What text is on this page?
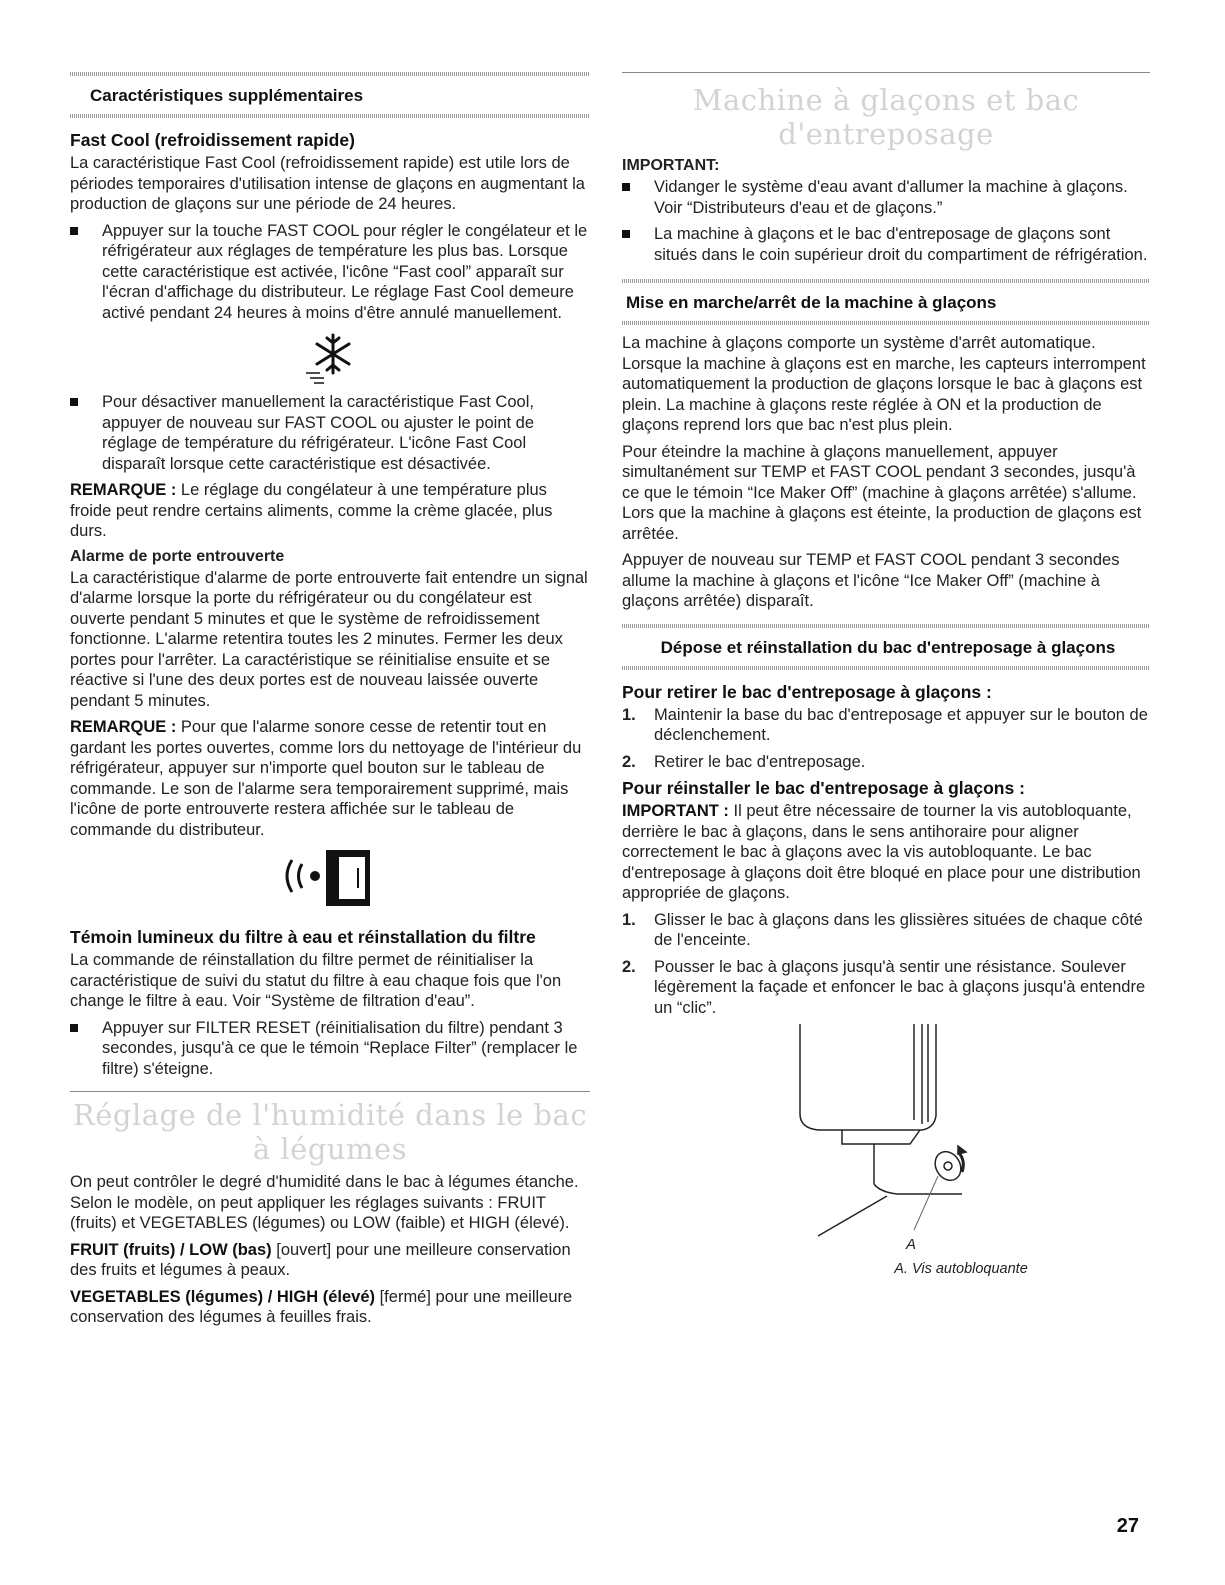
Caractéristiques supplémentaires
Fast Cool (refroidissement rapide)

La caractéristique Fast Cool (refroidissement rapide) est utile lors de périodes temporaires d'utilisation intense de glaçons en augmentant la production de glaçons sur une période de 24 heures.

Appuyer sur la touche FAST COOL pour régler le congélateur et le réfrigérateur aux réglages de température les plus bas. Lorsque cette caractéristique est activée, l'icône “Fast cool” apparaît sur l'écran d'affichage du distributeur. Le réglage Fast Cool demeure activé pendant 24 heures à moins d'être annulé manuellement.

Pour désactiver manuellement la caractéristique Fast Cool, appuyer de nouveau sur FAST COOL ou ajuster le point de réglage de température du réfrigérateur. L'icône Fast Cool disparaît lorsque cette caractéristique est désactivée.

REMARQUE : Le réglage du congélateur à une température plus froide peut rendre certains aliments, comme la crème glacée, plus durs.

Alarme de porte entrouverte

La caractéristique d'alarme de porte entrouverte fait entendre un signal d'alarme lorsque la porte du réfrigérateur ou du congélateur est ouverte pendant 5 minutes et que le système de refroidissement fonctionne. L'alarme retentira toutes les 2 minutes. Fermer les deux portes pour l'arrêter. La caractéristique se réinitialise ensuite et se réactive si l'une des deux portes est de nouveau laissée ouverte pendant 5 minutes.

REMARQUE : Pour que l'alarme sonore cesse de retentir tout en gardant les portes ouvertes, comme lors du nettoyage de l'intérieur du réfrigérateur, appuyer sur n'importe quel bouton sur le tableau de commande. Le son de l'alarme sera temporairement supprimé, mais l'icône de porte entrouverte restera affichée sur le tableau de commande du distributeur.

Témoin lumineux du filtre à eau et réinstallation du filtre

La commande de réinstallation du filtre permet de réinitialiser la caractéristique de suivi du statut du filtre à eau chaque fois que l'on change le filtre à eau. Voir “Système de filtration d'eau”.

Appuyer sur FILTER RESET (réinitialisation du filtre) pendant 3 secondes, jusqu'à ce que le témoin “Replace Filter” (remplacer le filtre) s'éteigne.

Réglage de l'humidité dans le bac à légumes

On peut contrôler le degré d'humidité dans le bac à légumes étanche. Selon le modèle, on peut appliquer les réglages suivants : FRUIT (fruits) et VEGETABLES (légumes) ou LOW (faible) et HIGH (élevé).

FRUIT (fruits) / LOW (bas) [ouvert] pour une meilleure conservation des fruits et légumes à peaux.

VEGETABLES (légumes) / HIGH (élevé) [fermé] pour une meilleure conservation des légumes à feuilles frais.

Machine à glaçons et bac d'entreposage
IMPORTANT:

Vidanger le système d'eau avant d'allumer la machine à glaçons. Voir “Distributeurs d'eau et de glaçons.”

La machine à glaçons et le bac d'entreposage de glaçons sont situés dans le coin supérieur droit du compartiment de réfrigération.

Mise en marche/arrêt de la machine à glaçons

La machine à glaçons comporte un système d'arrêt automatique. Lorsque la machine à glaçons est en marche, les capteurs interrompent automatiquement la production de glaçons lorsque le bac à glaçons est plein. La machine à glaçons reste réglée à ON et la production de glaçons reprend lors que bac n'est plus plein.

Pour éteindre la machine à glaçons manuellement, appuyer simultanément sur TEMP et FAST COOL pendant 3 secondes, jusqu'à ce que le témoin “Ice Maker Off” (machine à glaçons arrêtée) s'allume. Lors que la machine à glaçons est éteinte, la production de glaçons est arrêtée.

Appuyer de nouveau sur TEMP et FAST COOL pendant 3 secondes allume la machine à glaçons et l'icône “Ice Maker Off” (machine à glaçons arrêtée) disparaît.

Dépose et réinstallation du bac d'entreposage à glaçons
Pour retirer le bac d'entreposage à glaçons :

1. Maintenir la base du bac d'entreposage et appuyer sur le bouton de déclenchement.

2. Retirer le bac d'entreposage.

Pour réinstaller le bac d'entreposage à glaçons :

IMPORTANT : Il peut être nécessaire de tourner la vis autobloquante, derrière le bac à glaçons, dans le sens antihoraire pour aligner correctement le bac à glaçons avec la vis autobloquante. Le bac d'entreposage à glaçons doit être bloqué en place pour une distribution appropriée de glaçons.

1. Glisser le bac à glaçons dans les glissières situées de chaque côté de l'enceinte.

2. Pousser le bac à glaçons jusqu'à sentir une résistance. Soulever légèrement la façade et enfoncer le bac à glaçons jusqu'à entendre un “clic”.

A
A. Vis autobloquante
27
